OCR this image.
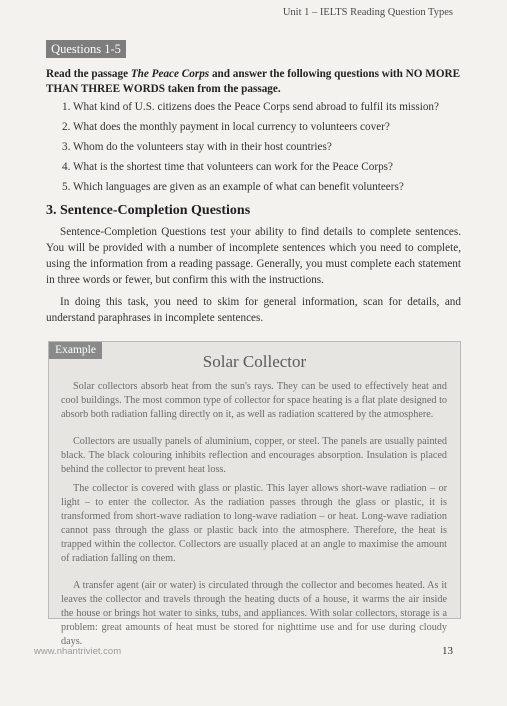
Unit 1 – IELTS Reading Question Types
Questions 1-5
Read the passage The Peace Corps and answer the following questions with NO MORE THAN THREE WORDS taken from the passage.
1. What kind of U.S. citizens does the Peace Corps send abroad to fulfil its mission?
2. What does the monthly payment in local currency to volunteers cover?
3. Whom do the volunteers stay with in their host countries?
4. What is the shortest time that volunteers can work for the Peace Corps?
5. Which languages are given as an example of what can benefit volunteers?
3. Sentence-Completion Questions
Sentence-Completion Questions test your ability to find details to complete sentences. You will be provided with a number of incomplete sentences which you need to complete, using the information from a reading passage. Generally, you must complete each statement in three words or fewer, but confirm this with the instructions.
In doing this task, you need to skim for general information, scan for details, and understand paraphrases in incomplete sentences.
Example
Solar Collector
Solar collectors absorb heat from the sun's rays. They can be used to effectively heat and cool buildings. The most common type of collector for space heating is a flat plate designed to absorb both radiation falling directly on it, as well as radiation scattered by the atmosphere.
Collectors are usually panels of aluminium, copper, or steel. The panels are usually painted black. The black colouring inhibits reflection and encourages absorption. Insulation is placed behind the collector to prevent heat loss.
The collector is covered with glass or plastic. This layer allows short-wave radiation – or light – to enter the collector. As the radiation passes through the glass or plastic, it is transformed from short-wave radiation to long-wave radiation – or heat. Long-wave radiation cannot pass through the glass or plastic back into the atmosphere. Therefore, the heat is trapped within the collector. Collectors are usually placed at an angle to maximise the amount of radiation falling on them.
A transfer agent (air or water) is circulated through the collector and becomes heated. As it leaves the collector and travels through the heating ducts of a house, it warms the air inside the house or brings hot water to sinks, tubs, and appliances. With solar collectors, storage is a problem: great amounts of heat must be stored for nighttime use and for use during cloudy days.
www.nhantriviet.com	13
